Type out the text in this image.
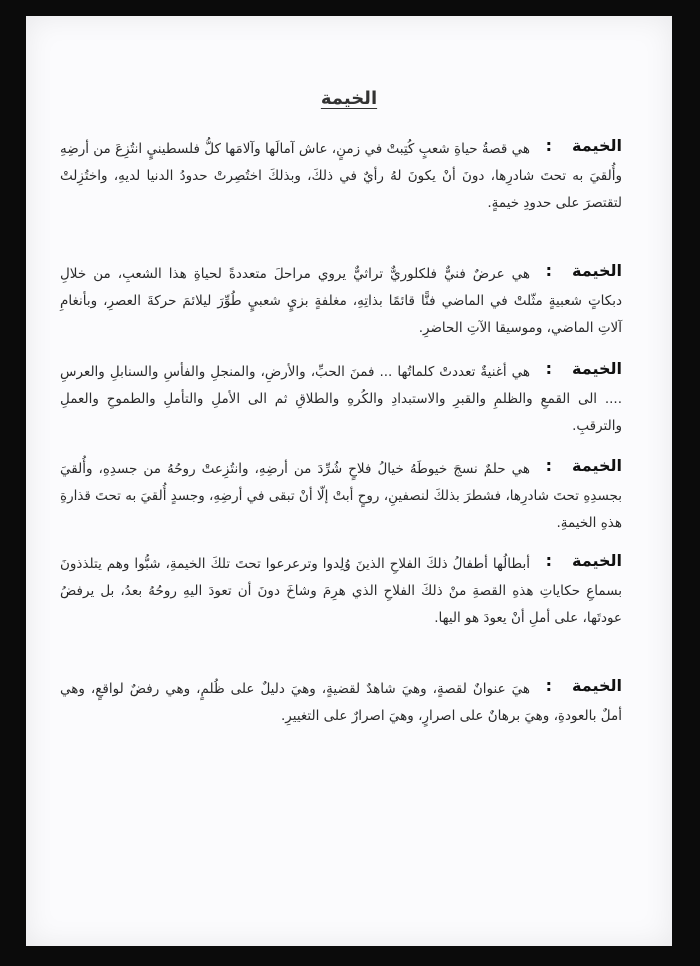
الخيمة
الخيمة
:
هي قصةُ حياةِ شعبٍ كُتِبتْ في زمنٍ، عاش آمالَها وآلامَها كلُّ فلسطينيٍ انتُزِعَ من أرضِهِ وأُلقيَ به تحتَ شادرِها، دونَ أنْ يكونَ لهُ رأيٌ في ذلكَ، وبذلكَ اختُصِرتْ حدودُ الدنيا لديهِ، واختُزِلتْ لتقتصرَ على حدودِ خيمةٍ.
الخيمة
:
هي عرضٌ فنيٌّ فلكلوريٌّ تراثيٌّ يروي مراحلَ متعددةً لحياةِ هذا الشعبِ، من خلالِ دبكاتٍ شعبيةٍ مثّلتْ في الماضي فنًّا قائمًا بذاتِهِ، مغلفةٍ بزيٍ شعبيٍ طُوِّرَ ليلائمَ حركةَ العصرِ، وبأنغامِ آلاتِ الماضي، وموسيقا الآتِ الحاضرِ.
الخيمة
:
هي أغنيةٌ تعددتْ كلماتُها ... فمنَ الحبِّ، والأرضِ، والمنجلِ والفأسِ والسنابلِ والعرسِ .... الى القمعِ والظلمِ والقبرِ والاستبدادِ والكُرهِ والطلاقِ ثم الى الأملِ والتأملِ والطموحِ والعملِ والترقبِ.
الخيمة
:
هي حلمٌ نسجَ خيوطَهُ خيالُ فلاحٍ شُرِّدَ من أرضِهِ، وانتُزِعتْ روحُهُ من جسدِهِ، وأُلقيَ بجسدِهِ تحتَ شادرِها، فشطرَ بذلكَ لنصفينِ، روحٍ أبتْ إلّا أنْ تبقى في أرضِهِ، وجسدٍ أُلقيَ به تحتَ قذارةِ هذهِ الخيمةِ.
الخيمة
:
أبطالُها أطفالُ ذلكَ الفلاحِ الذينَ وُلِدوا وترعرعوا تحتَ تلكَ الخيمةِ، شبُّوا وهم يتلذذونَ بسماعِ حكاياتِ هذهِ القصةِ منْ ذلكَ الفلاحِ الذي هرِمَ وشاخَ دونَ أن تعودَ اليهِ روحُهُ بعدُ، بل يرفضُ عودتَها، على أملِ أنْ يعودَ هو اليها.
الخيمة
:
هيَ عنوانٌ لقصةٍ، وهيَ شاهدٌ لقضيةٍ، وهيَ دليلٌ على ظُلمٍ، وهي رفضٌ لواقعٍ، وهي أملٌ بالعودةِ، وهيَ برهانٌ على اصرارٍ، وهيَ اصرارٌ على التغييرِ.
